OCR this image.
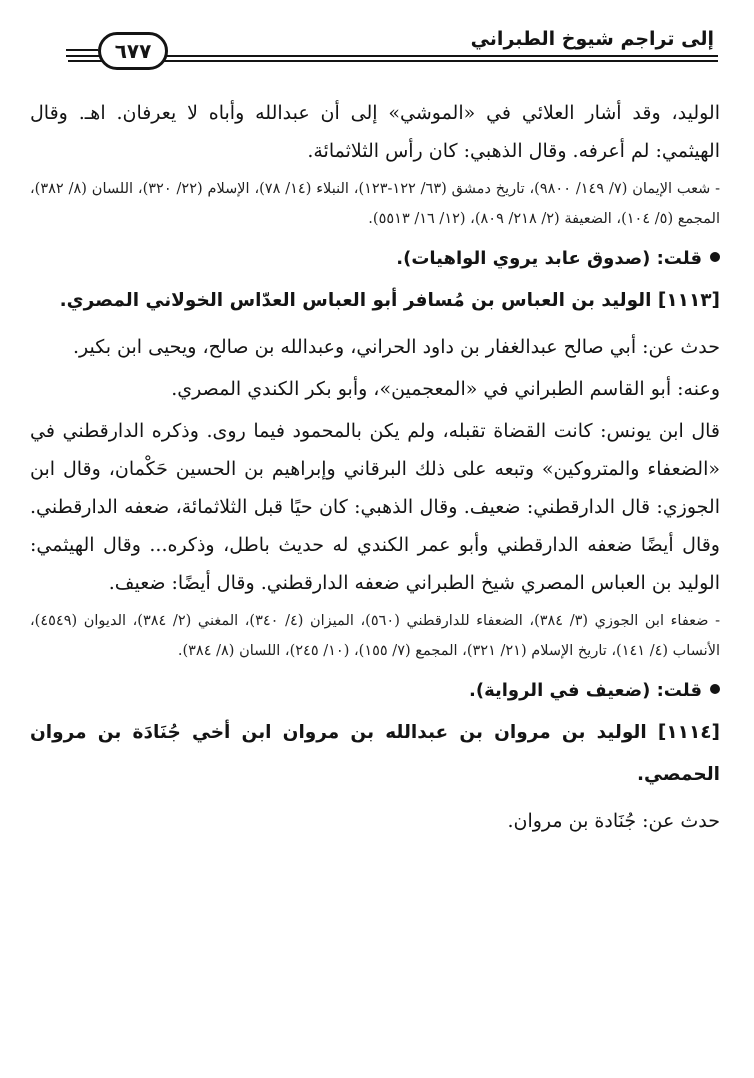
إلى تراجم شيوخ الطبراني
٦٧٧

الوليد، وقد أشار العلائي في «الموشي» إلى أن عبدالله وأباه لا يعرفان. اهـ. وقال الهيثمي: لم أعرفه. وقال الذهبي: كان رأس الثلاثمائة.

- شعب الإيمان (٧/ ١٤٩/ ٩٨٠٠)، تاريخ دمشق (٦٣/ ١٢٢-١٢٣)، النبلاء (١٤/ ٧٨)، الإسلام (٢٢/ ٣٢٠)، اللسان (٨/ ٣٨٢)، المجمع (٥/ ١٠٤)، الضعيفة (٢/ ٢١٨/ ٨٠٩)، (١٢/ ١٦/ ٥٥١٣).

قلت: (صدوق عابد يروي الواهيات).

[١١١٣] الوليد بن العباس بن مُسافر أبو العباس العدّاس الخولاني المصري.

حدث عن: أبي صالح عبدالغفار بن داود الحراني، وعبدالله بن صالح، ويحيى ابن بكير.

وعنه: أبو القاسم الطبراني في «المعجمين»، وأبو بكر الكندي المصري.

قال ابن يونس: كانت القضاة تقبله، ولم يكن بالمحمود فيما روى. وذكره الدارقطني في «الضعفاء والمتروكين» وتبعه على ذلك البرقاني وإبراهيم بن الحسين حَكْمان، وقال ابن الجوزي: قال الدارقطني: ضعيف. وقال الذهبي: كان حيًا قبل الثلاثمائة، ضعفه الدارقطني. وقال أيضًا ضعفه الدارقطني وأبو عمر الكندي له حديث باطل، وذكره... وقال الهيثمي: الوليد بن العباس المصري شيخ الطبراني ضعفه الدارقطني. وقال أيضًا: ضعيف.

- ضعفاء ابن الجوزي (٣/ ٣٨٤)، الضعفاء للدارقطني (٥٦٠)، الميزان (٤/ ٣٤٠)، المغني (٢/ ٣٨٤)، الديوان (٤٥٤٩)، الأنساب (٤/ ١٤١)، تاريخ الإسلام (٢١/ ٣٢١)، المجمع (٧/ ١٥٥)، (١٠/ ٢٤٥)، اللسان (٨/ ٣٨٤).

قلت: (ضعيف في الرواية).

[١١١٤] الوليد بن مروان بن عبدالله بن مروان ابن أخي جُنَادَة بن مروان الحمصي.

حدث عن: جُنَادة بن مروان.
